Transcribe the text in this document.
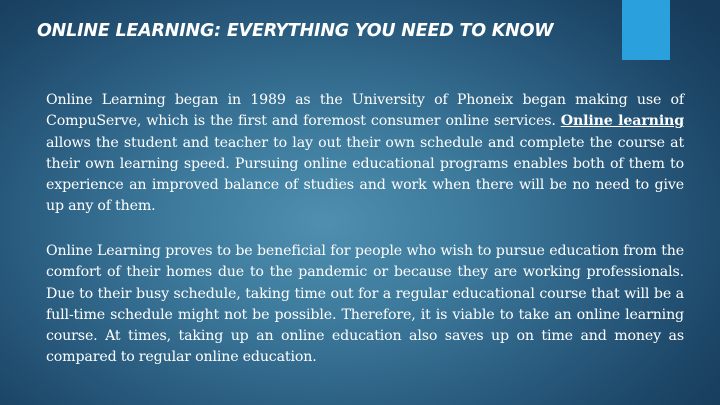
ONLINE LEARNING: EVERYTHING YOU NEED TO KNOW

Online Learning began in 1989 as the University of Phoneix began making use of CompuServe, which is the first and foremost consumer online services. Online learning allows the student and teacher to lay out their own schedule and complete the course at their own learning speed. Pursuing online educational programs enables both of them to experience an improved balance of studies and work when there will be no need to give up any of them.

Online Learning proves to be beneficial for people who wish to pursue education from the comfort of their homes due to the pandemic or because they are working professionals. Due to their busy schedule, taking time out for a regular educational course that will be a full-time schedule might not be possible. Therefore, it is viable to take an online learning course. At times, taking up an online education also saves up on time and money as compared to regular online education.
